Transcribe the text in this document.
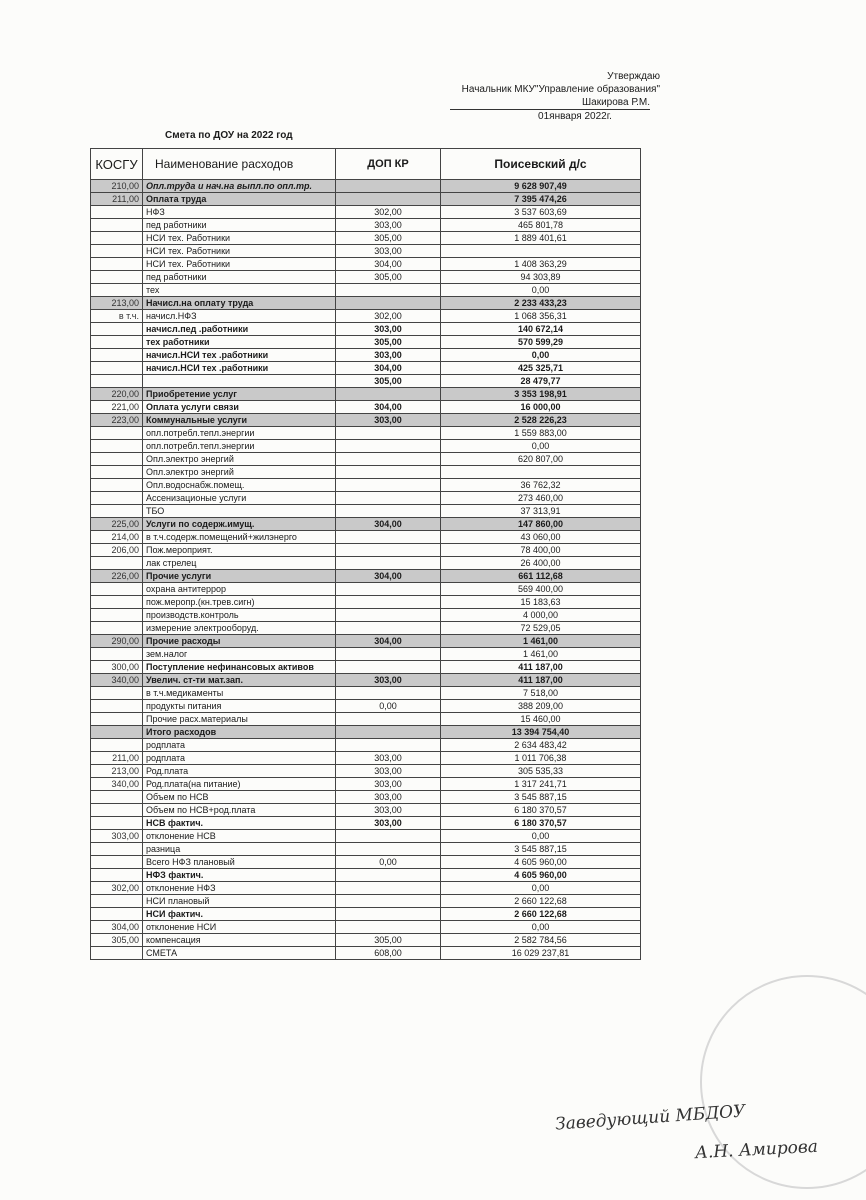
Утверждаю
Начальник МКУ"Управление образования"
Шакирова Р.М.
01января 2022г.
Смета по ДОУ на 2022 год
КОСГУ	Наименование расходов	ДОП КР	Поисевский д/с
210,00	Опл.труда и нач.на выпл.по опл.тр.		9 628 907,49
211,00	Оплата труда		7 395 474,26
	НФЗ	302,00	3 537 603,69
	пед работники	303,00	465 801,78
	НСИ тех. Работники	305,00	1 889 401,61
	НСИ тех. Работники	303,00	
	НСИ тех. Работники	304,00	1 408 363,29
	пед работники	305,00	94 303,89
	тех		0,00
213,00	Начисл.на оплату труда		2 233 433,23
в т.ч.	начисл.НФЗ	302,00	1 068 356,31
	начисл.пед .работники	303,00	140 672,14
	тех работники	305,00	570 599,29
	начисл.НСИ тех .работники	303,00	0,00
	начисл.НСИ тех .работники	304,00	425 325,71
		305,00	28 479,77
220,00	Приобретение услуг		3 353 198,91
221,00	Оплата услуги связи	304,00	16 000,00
223,00	Коммунальные услуги	303,00	2 528 226,23
	опл.потребл.тепл.энергии		1 559 883,00
	опл.потребл.тепл.энергии		0,00
	Опл.электро энергий		620 807,00
	Опл.электро энергий		
	Опл.водоснабж.помещ.		36 762,32
	Ассенизационые услуги		273 460,00
	ТБО		37 313,91
225,00	Услуги по содерж.имущ.	304,00	147 860,00
214,00	в т.ч.содерж.помещений+жилэнерго		43 060,00
206,00	Пож.мероприят.		78 400,00
	лак стрелец		26 400,00
226,00	Прочие услуги	304,00	661 112,68
	охрана антитеррор		569 400,00
	пож.меропр.(кн.трев.сигн)		15 183,63
	производств.контроль		4 000,00
	измерение электрооборуд.		72 529,05
290,00	Прочие расходы	304,00	1 461,00
	зем.налог		1 461,00
300,00	Поступление нефинансовых активов		411 187,00
340,00	Увелич. ст-ти мат.зап.	303,00	411 187,00
	в т.ч.медикаменты		7 518,00
	продукты питания	0,00	388 209,00
	Прочие расх.материалы		15 460,00
	Итого расходов		13 394 754,40
	родплата		2 634 483,42
211,00	родплата	303,00	1 011 706,38
213,00	Род.плата	303,00	305 535,33
340,00	Род.плата(на питание)	303,00	1 317 241,71
	Объем по НСВ	303,00	3 545 887,15
	Объем по НСВ+род.плата	303,00	6 180 370,57
	НСВ фактич.	303,00	6 180 370,57
303,00	отклонение НСВ		0,00
	разница		3 545 887,15
	Всего НФЗ плановый	0,00	4 605 960,00
	НФЗ фактич.		4 605 960,00
302,00	отклонение НФЗ		0,00
	НСИ плановый		2 660 122,68
	НСИ фактич.		2 660 122,68
304,00	отклонение НСИ		0,00
305,00	компенсация	305,00	2 582 784,56
	СМЕТА	608,00	16 029 237,81
Заведующий МБДОУ
А.Н. Амирова
